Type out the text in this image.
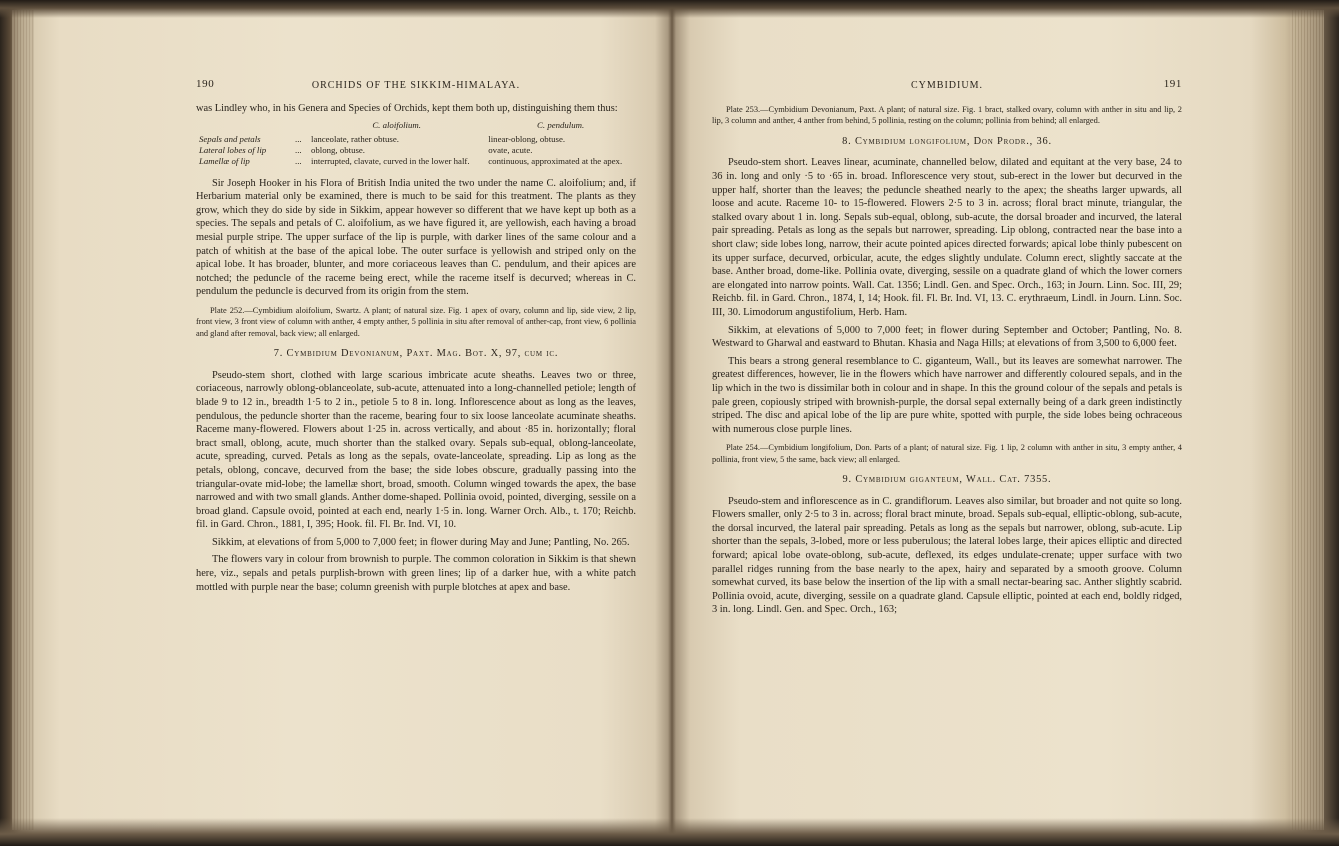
190	ORCHIDS OF THE SIKKIM-HIMALAYA.

was Lindley who, in his Genera and Species of Orchids, kept them both up, distinguishing them thus:

		C. aloifolium.	C. pendulum.
Sepals and petals	...	lanceolate, rather obtuse.	linear-oblong, obtuse.
Lateral lobes of lip	...	oblong, obtuse.	ovate, acute.
Lamellæ of lip	...	interrupted, clavate, curved in the lower half.	continuous, approximated at the apex.

Sir Joseph Hooker in his Flora of British India united the two under the name C. aloifolium; and, if Herbarium material only be examined, there is much to be said for this treatment. The plants as they grow, which they do side by side in Sikkim, appear however so different that we have kept up both as a species. The sepals and petals of C. aloifolium, as we have figured it, are yellowish, each having a broad mesial purple stripe. The upper surface of the lip is purple, with darker lines of the same colour and a patch of whitish at the base of the apical lobe. The outer surface is yellowish and striped only on the apical lobe. It has broader, blunter, and more coriaceous leaves than C. pendulum, and their apices are notched; the peduncle of the raceme being erect, while the raceme itself is decurved; whereas in C. pendulum the peduncle is decurved from its origin from the stem.

Plate 252.—Cymbidium aloifolium, Swartz. A plant; of natural size. Fig. 1 apex of ovary, column and lip, side view, 2 lip, front view, 3 front view of column with anther, 4 empty anther, 5 pollinia in situ after removal of anther-cap, front view, 6 pollinia and gland after removal, back view; all enlarged.

7. Cymbidium Devonianum, Paxt. Mag. Bot. X, 97, cum ic.

Pseudo-stem short, clothed with large scarious imbricate acute sheaths. Leaves two or three, coriaceous, narrowly oblong-oblanceolate, sub-acute, attenuated into a long-channelled petiole; length of blade 9 to 12 in., breadth 1·5 to 2 in., petiole 5 to 8 in. long. Inflorescence about as long as the leaves, pendulous, the peduncle shorter than the raceme, bearing four to six loose lanceolate acuminate sheaths. Raceme many-flowered. Flowers about 1·25 in. across vertically, and about ·85 in. horizontally; floral bract small, oblong, acute, much shorter than the stalked ovary. Sepals sub-equal, oblong-lanceolate, acute, spreading, curved. Petals as long as the sepals, ovate-lanceolate, spreading. Lip as long as the petals, oblong, concave, decurved from the base; the side lobes obscure, gradually passing into the triangular-ovate mid-lobe; the lamellæ short, broad, smooth. Column winged towards the apex, the base narrowed and with two small glands. Anther dome-shaped. Pollinia ovoid, pointed, diverging, sessile on a broad gland. Capsule ovoid, pointed at each end, nearly 1·5 in. long. Warner Orch. Alb., t. 170; Reichb. fil. in Gard. Chron., 1881, I, 395; Hook. fil. Fl. Br. Ind. VI, 10.

Sikkim, at elevations of from 5,000 to 7,000 feet; in flower during May and June; Pantling, No. 265.

The flowers vary in colour from brownish to purple. The common coloration in Sikkim is that shewn here, viz., sepals and petals purplish-brown with green lines; lip of a darker hue, with a white patch mottled with purple near the base; column greenish with purple blotches at apex and base.

CYMBIDIUM.	191

Plate 253.—Cymbidium Devonianum, Paxt. A plant; of natural size. Fig. 1 bract, stalked ovary, column with anther in situ and lip, 2 lip, 3 column and anther, 4 anther from behind, 5 pollinia, resting on the column; pollinia from behind; all enlarged.

8. Cymbidium longifolium, Don Prodr., 36.

Pseudo-stem short. Leaves linear, acuminate, channelled below, dilated and equitant at the very base, 24 to 36 in. long and only ·5 to ·65 in. broad. Inflorescence very stout, sub-erect in the lower but decurved in the upper half, shorter than the leaves; the peduncle sheathed nearly to the apex; the sheaths larger upwards, all loose and acute. Raceme 10- to 15-flowered. Flowers 2·5 to 3 in. across; floral bract minute, triangular, the stalked ovary about 1 in. long. Sepals sub-equal, oblong, sub-acute, the dorsal broader and incurved, the lateral pair spreading. Petals as long as the sepals but narrower, spreading. Lip oblong, contracted near the base into a short claw; side lobes long, narrow, their acute pointed apices directed forwards; apical lobe thinly pubescent on its upper surface, decurved, orbicular, acute, the edges slightly undulate. Column erect, slightly saccate at the base. Anther broad, dome-like. Pollinia ovate, diverging, sessile on a quadrate gland of which the lower corners are elongated into narrow points. Wall. Cat. 1356; Lindl. Gen. and Spec. Orch., 163; in Journ. Linn. Soc. III, 29; Reichb. fil. in Gard. Chron., 1874, I, 14; Hook. fil. Fl. Br. Ind. VI, 13. C. erythraeum, Lindl. in Journ. Linn. Soc. III, 30. Limodorum angustifolium, Herb. Ham.

Sikkim, at elevations of 5,000 to 7,000 feet; in flower during September and October; Pantling, No. 8. Westward to Gharwal and eastward to Bhutan. Khasia and Naga Hills; at elevations of from 3,500 to 6,000 feet.

This bears a strong general resemblance to C. giganteum, Wall., but its leaves are somewhat narrower. The greatest differences, however, lie in the flowers which have narrower and differently coloured sepals, and in the lip which in the two is dissimilar both in colour and in shape. In this the ground colour of the sepals and petals is pale green, copiously striped with brownish-purple, the dorsal sepal externally being of a dark green indistinctly striped. The disc and apical lobe of the lip are pure white, spotted with purple, the side lobes being ochraceous with numerous close purple lines.

Plate 254.—Cymbidium longifolium, Don. Parts of a plant; of natural size. Fig. 1 lip, 2 column with anther in situ, 3 empty anther, 4 pollinia, front view, 5 the same, back view; all enlarged.

9. Cymbidium giganteum, Wall. Cat. 7355.

Pseudo-stem and inflorescence as in C. grandiflorum. Leaves also similar, but broader and not quite so long. Flowers smaller, only 2·5 to 3 in. across; floral bract minute, broad. Sepals sub-equal, elliptic-oblong, sub-acute, the dorsal incurved, the lateral pair spreading. Petals as long as the sepals but narrower, oblong, sub-acute. Lip shorter than the sepals, 3-lobed, more or less puberulous; the lateral lobes large, their apices elliptic and directed forward; apical lobe ovate-oblong, sub-acute, deflexed, its edges undulate-crenate; upper surface with two parallel ridges running from the base nearly to the apex, hairy and separated by a smooth groove. Column somewhat curved, its base below the insertion of the lip with a small nectar-bearing sac. Anther slightly scabrid. Pollinia ovoid, acute, diverging, sessile on a quadrate gland. Capsule elliptic, pointed at each end, boldly ridged, 3 in. long. Lindl. Gen. and Spec. Orch., 163;
